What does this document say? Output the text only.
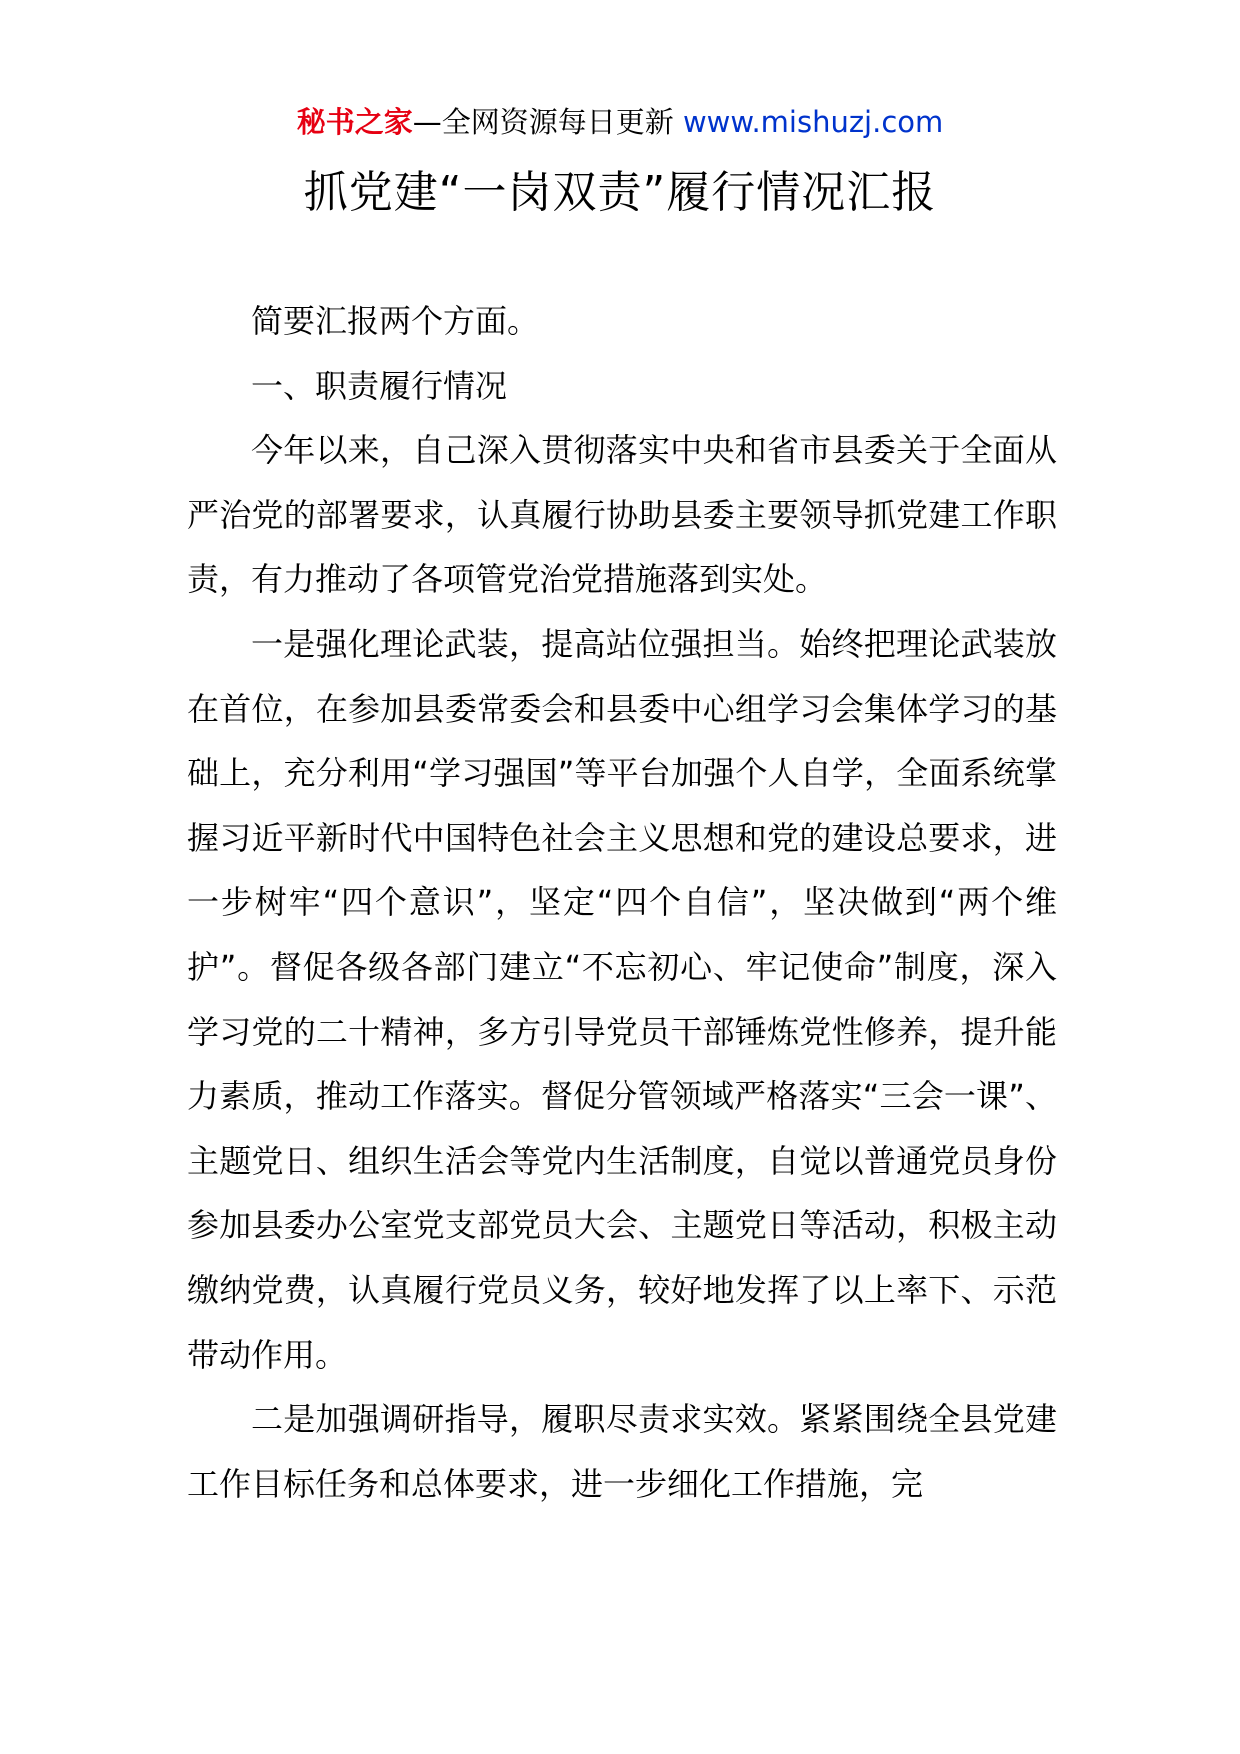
秘书之家—全网资源每日更新 www.mishuzj.com
抓党建“一岗双责”履行情况汇报

简要汇报两个方面。

一、职责履行情况

今年以来，自己深入贯彻落实中央和省市县委关于全面从严治党的部署要求，认真履行协助县委主要领导抓党建工作职责，有力推动了各项管党治党措施落到实处。

一是强化理论武装，提高站位强担当。始终把理论武装放在首位，在参加县委常委会和县委中心组学习会集体学习的基础上，充分利用“学习强国”等平台加强个人自学，全面系统掌握习近平新时代中国特色社会主义思想和党的建设总要求，进一步树牢“四个意识”，坚定“四个自信”，坚决做到“两个维护”。督促各级各部门建立“不忘初心、牢记使命”制度，深入学习党的二十精神，多方引导党员干部锤炼党性修养，提升能力素质，推动工作落实。督促分管领域严格落实“三会一课”、主题党日、组织生活会等党内生活制度，自觉以普通党员身份参加县委办公室党支部党员大会、主题党日等活动，积极主动缴纳党费，认真履行党员义务，较好地发挥了以上率下、示范带动作用。

二是加强调研指导，履职尽责求实效。紧紧围绕全县党建工作目标任务和总体要求，进一步细化工作措施，完
